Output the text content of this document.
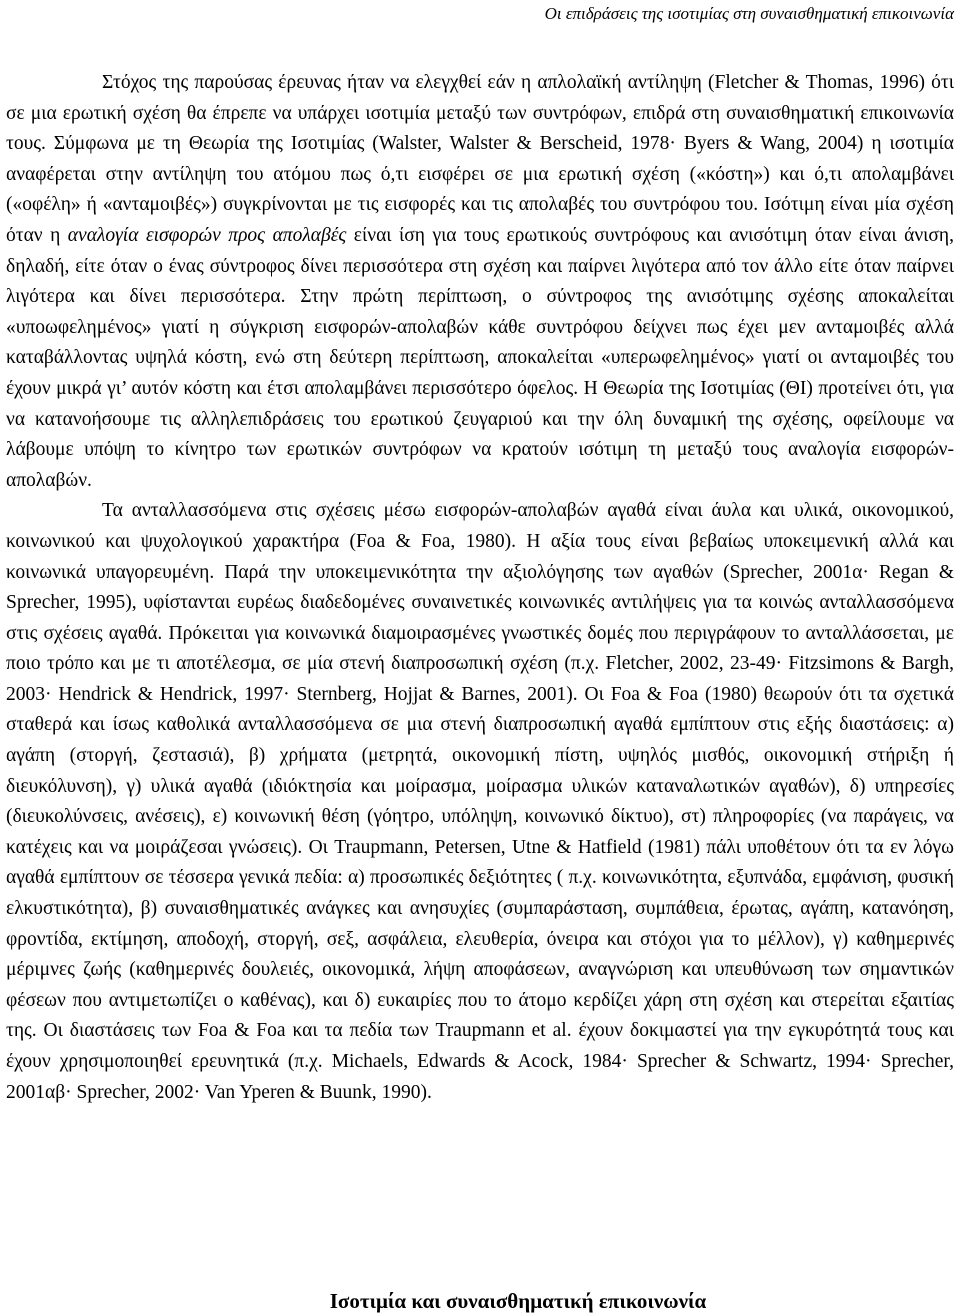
Οι επιδράσεις της ισοτιμίας στη συναισθηματική επικοινωνία

Στόχος της παρούσας έρευνας ήταν να ελεγχθεί εάν η απλολαϊκή αντίληψη (Fletcher & Thomas, 1996) ότι σε μια ερωτική σχέση θα έπρεπε να υπάρχει ισοτιμία μεταξύ των συντρόφων, επιδρά στη συναισθηματική επικοινωνία τους. Σύμφωνα με τη Θεωρία της Ισοτιμίας (Walster, Walster & Berscheid, 1978· Byers & Wang, 2004) η ισοτιμία αναφέρεται στην αντίληψη του ατόμου πως ό,τι εισφέρει σε μια ερωτική σχέση («κόστη») και ό,τι απολαμβάνει («οφέλη» ή «ανταμοιβές») συγκρίνονται με τις εισφορές και τις απολαβές του συντρόφου του. Ισότιμη είναι μία σχέση όταν η αναλογία εισφορών προς απολαβές είναι ίση για τους ερωτικούς συντρόφους και ανισότιμη όταν είναι άνιση, δηλαδή, είτε όταν ο ένας σύντροφος δίνει περισσότερα στη σχέση και παίρνει λιγότερα από τον άλλο είτε όταν παίρνει λιγότερα και δίνει περισσότερα. Στην πρώτη περίπτωση, ο σύντροφος της ανισότιμης σχέσης αποκαλείται «υποωφελημένος» γιατί η σύγκριση εισφορών-απολαβών κάθε συντρόφου δείχνει πως έχει μεν ανταμοιβές αλλά καταβάλλοντας υψηλά κόστη, ενώ στη δεύτερη περίπτωση, αποκαλείται «υπερωφελημένος» γιατί οι ανταμοιβές του έχουν μικρά γι’ αυτόν κόστη και έτσι απολαμβάνει περισσότερο όφελος. Η Θεωρία της Ισοτιμίας (ΘΙ) προτείνει ότι, για να κατανοήσουμε τις αλληλεπιδράσεις του ερωτικού ζευγαριού και την όλη δυναμική της σχέσης, οφείλουμε να λάβουμε υπόψη το κίνητρο των ερωτικών συντρόφων να κρατούν ισότιμη τη μεταξύ τους αναλογία εισφορών-απολαβών.

Τα ανταλλασσόμενα στις σχέσεις μέσω εισφορών-απολαβών αγαθά είναι άυλα και υλικά, οικονομικού, κοινωνικού και ψυχολογικού χαρακτήρα (Foa & Foa, 1980). Η αξία τους είναι βεβαίως υποκειμενική αλλά και κοινωνικά υπαγορευμένη. Παρά την υποκειμενικότητα την αξιολόγησης των αγαθών (Sprecher, 2001α· Regan & Sprecher, 1995), υφίστανται ευρέως διαδεδομένες συναινετικές κοινωνικές αντιλήψεις για τα κοινώς ανταλλασσόμενα στις σχέσεις αγαθά. Πρόκειται για κοινωνικά διαμοιρασμένες γνωστικές δομές που περιγράφουν το ανταλλάσσεται, με ποιο τρόπο και με τι αποτέλεσμα, σε μία στενή διαπροσωπική σχέση (π.χ. Fletcher, 2002, 23-49· Fitzsimons & Bargh, 2003· Hendrick & Hendrick, 1997· Sternberg, Hojjat & Barnes, 2001). Οι Foa & Foa (1980) θεωρούν ότι τα σχετικά σταθερά και ίσως καθολικά ανταλλασσόμενα σε μια στενή διαπροσωπική αγαθά εμπίπτουν στις εξής διαστάσεις: α) αγάπη (στοργή, ζεστασιά), β) χρήματα (μετρητά, οικονομική πίστη, υψηλός μισθός, οικονομική στήριξη ή διευκόλυνση), γ) υλικά αγαθά (ιδιόκτησία και μοίρασμα, μοίρασμα υλικών καταναλωτικών αγαθών), δ) υπηρεσίες (διευκολύνσεις, ανέσεις), ε) κοινωνική θέση (γόητρο, υπόληψη, κοινωνικό δίκτυο), στ) πληροφορίες (να παράγεις, να κατέχεις και να μοιράζεσαι γνώσεις). Οι Traupmann, Petersen, Utne & Hatfield (1981) πάλι υποθέτουν ότι τα εν λόγω αγαθά εμπίπτουν σε τέσσερα γενικά πεδία: α) προσωπικές δεξιότητες ( π.χ. κοινωνικότητα, εξυπνάδα, εμφάνιση, φυσική ελκυστικότητα), β) συναισθηματικές ανάγκες και ανησυχίες (συμπαράσταση, συμπάθεια, έρωτας, αγάπη, κατανόηση, φροντίδα, εκτίμηση, αποδοχή, στοργή, σεξ, ασφάλεια, ελευθερία, όνειρα και στόχοι για το μέλλον), γ) καθημερινές μέριμνες ζωής (καθημερινές δουλειές, οικονομικά, λήψη αποφάσεων, αναγνώριση και υπευθύνωση των σημαντικών φέσεων που αντιμετωπίζει ο καθένας), και δ) ευκαιρίες που το άτομο κερδίζει χάρη στη σχέση και στερείται εξαιτίας της. Οι διαστάσεις των Foa & Foa και τα πεδία των Traupmann et al. έχουν δοκιμαστεί για την εγκυρότητά τους και έχουν χρησιμοποιηθεί ερευνητικά (π.χ. Michaels, Edwards & Acock, 1984· Sprecher & Schwartz, 1994· Sprecher, 2001αβ· Sprecher, 2002· Van Yperen & Buunk, 1990).

Ισοτιμία και συναισθηματική επικοινωνία
